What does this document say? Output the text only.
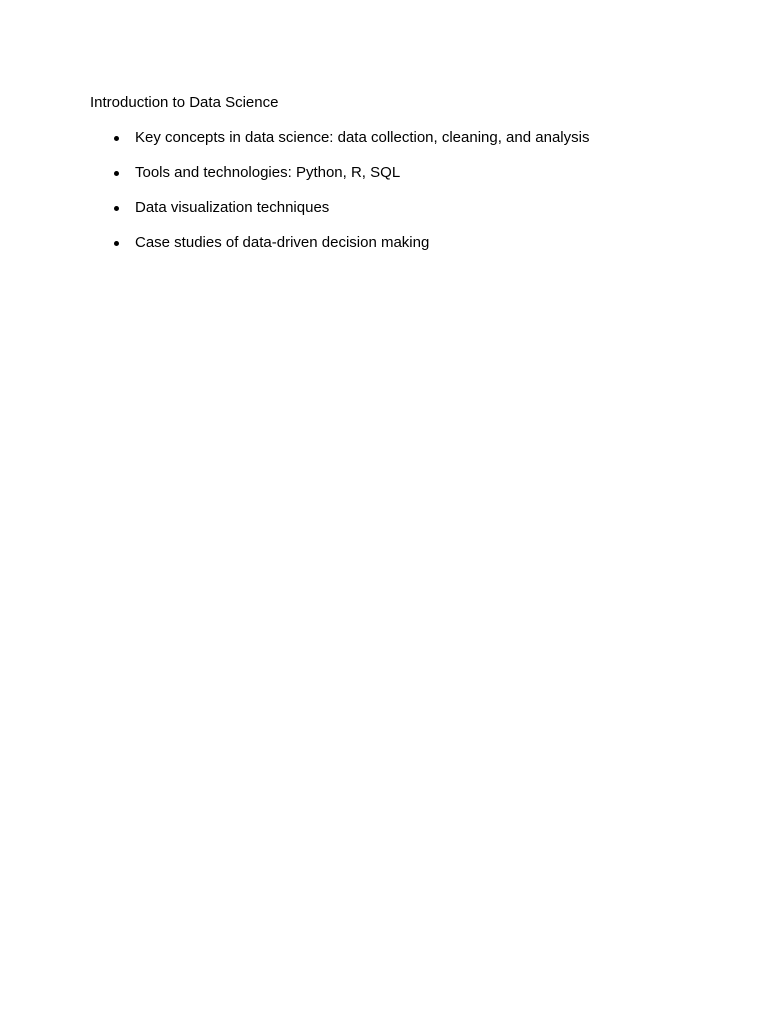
Introduction to Data Science
Key concepts in data science: data collection, cleaning, and analysis
Tools and technologies: Python, R, SQL
Data visualization techniques
Case studies of data-driven decision making
